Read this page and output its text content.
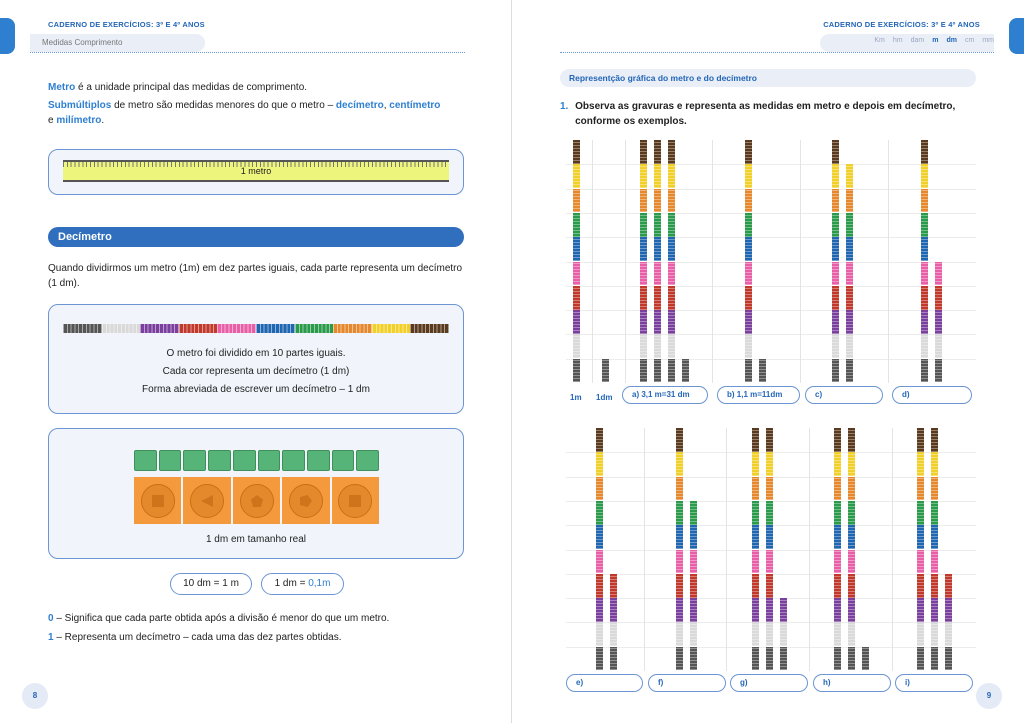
CADERNO DE EXERCÍCIOS: 3º E 4º ANOS
Medidas Comprimento
Metro é a unidade principal das medidas de comprimento.
Submúltiplos de metro são medidas menores do que o metro – decímetro, centímetro
e milímetro.
1 metro
Decímetro
Quando dividirmos um metro (1m) em dez partes iguais, cada parte representa um decímetro (1 dm).
O metro foi dividido em 10 partes iguais.
Cada cor representa um decímetro (1 dm)
Forma abreviada de escrever um decímetro – 1 dm
1 dm em tamanho real
10 dm = 1 m	1 dm = 0,1m
0 – Significa que cada parte obtida após a divisão é menor do que um metro.
1 – Representa um decímetro – cada uma das dez partes obtidas.
8
CADERNO DE EXERCÍCIOS: 3º E 4º ANOS
Km hm dam m dm cm mm
Representção gráfica do metro e do decímetro
1. Observa as gravuras e representa as medidas em metro e depois em decímetro, conforme os exemplos.
1m 1dm	a) 3,1 m=31 dm	b) 1,1 m=11dm	c)	d)
e)	f)	g)	h)	i)
9
